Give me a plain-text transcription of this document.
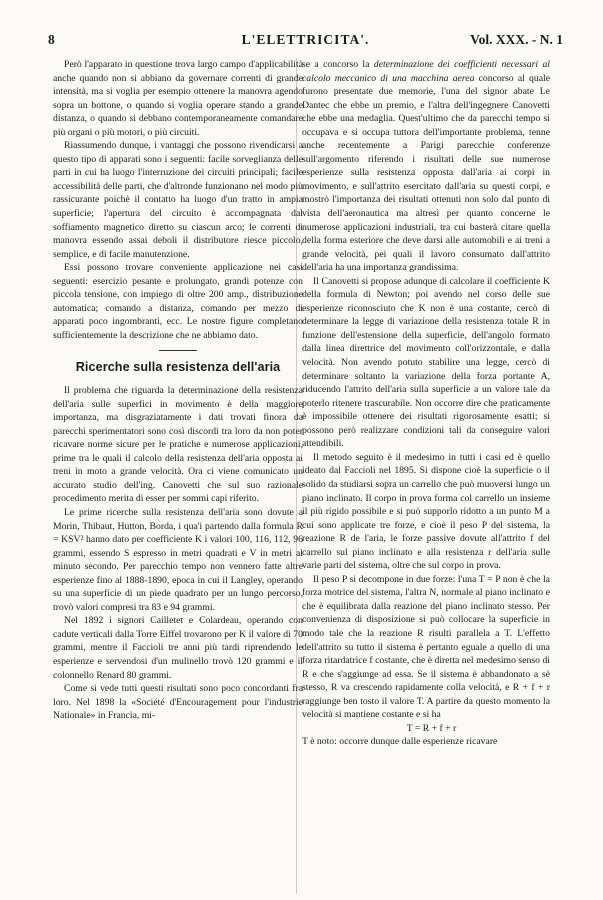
8	L'ELETTRICITA'.	Vol. XXX. - N. 1

Però l'apparato in questione trova largo campo d'applicabilità anche quando non si abbiano da governare correnti di grande intensità, ma si voglia per esempio ottenere la manovra agendo sopra un bottone, o quando si voglia operare stando a grande distanza, o quando si debbano contemporaneamente comandare più organi o più motori, o più circuiti.

Riassumendo dunque, i vantaggi che possono rivendicarsi a questo tipo di apparati sono i seguenti: facile sorveglianza delle parti in cui ha luogo l'interruzione dei circuiti principali; facile accessibilità delle parti, che d'altronde funzionano nel modo più rassicurante poichè il contatto ha luogo d'un tratto in ampia superficie; l'apertura del circuito è accompagnata dal soffiamento magnetico diretto su ciascun arco; le correnti di manovra essendo assai deboli il distributore riesce piccolo, semplice, e di facile manutenzione.

Essi possono trovare conveniente applicazione nei casi seguenti: esercizio pesante e prolungato, grandi potenze con piccola tensione, con impiego di oltre 200 amp., distribuzione automatica; comando a distanza, comando per mezzo di apparati poco ingombranti, ecc. Le nostre figure completano sufficientemente la descrizione che ne abbiamo dato.

Ricerche sulla resistenza dell'aria

Il problema che riguarda la determinazione della resistenza dell'aria sulle superfici in movimento è della maggiore importanza, ma disgraziatamente i dati trovati finora da parecchi sperimentatori sono così discordi tra loro da non poter ricavare norme sicure per le pratiche e numerose applicazioni, prime tra le quali il calcolo della resistenza dell'aria opposta ai treni in moto a grande velocità. Ora ci viene comunicato un accurato studio dell'ing. Canovetti che sul suo razionale procedimento merita di esser per sommi capi riferito.

Le prime ricerche sulla resistenza dell'aria sono dovute a Morin, Thibaut, Hutton, Borda, i qua'i partendo dalla formula R = KSV² hanno dato per coefficiente K i valori 100, 116, 112, 96 grammi, essendo S espresso in metri quadrati e V in metri al minuto secondo. Per parecchio tempo non vennero fatte altre esperienze fino al 1888-1890, epoca in cui il Langley, operando su una superficie di un piede quadrato per un lungo percorso, trovò valori compresi tra 83 e 94 grammi.

Nel 1892 i signori Cailletet e Colardeau, operando con cadute verticali dalla Torre Eiffel trovarono per K il valore di 70 grammi, mentre il Faccioli tre anni più tardi riprendendo le esperienze e servendosi d'un mulinello trovò 120 grammi e il colonnello Renard 80 grammi.

Come si vede tutti questi risultati sono poco concordanti fra loro. Nel 1898 la «Société d'Encouragement pour l'industrie Nationale» in Francia, mi-

se a concorso la determinazione dei coefficienti necessari al calcolo meccanico di una macchina aerea concorso al quale furono presentate due memorie, l'una del signor abate Le Dantec che ebbe un premio, e l'altra dell'ingegnere Canovetti che ebbe una medaglia. Quest'ultimo che da parecchi tempo si occupava e si occupa tuttora dell'importante problema, tenne anche recentemente a Parigi parecchie conferenze sull'argomento riferendo i risultati delle sue numerose esperienze sulla resistenza opposta dall'aria ai corpi in movimento, e sull'attrito esercitato dall'aria su questi corpi, e mostrò l'importanza dei risultati ottenuti non solo dal punto di vista dell'aeronautica ma altresì per quanto concerne le numerose applicazioni industriali, tra cui basterà citare quella della forma esteriore che deve darsi alle automobili e ai treni a grande velocità, pei quali il lavoro consumato dall'attrito dell'aria ha una importanza grandissima.

Il Canovetti si propose adunque di calcolare il coefficiente K della formula di Newton; poi avendo nel corso delle sue esperienze riconosciuto che K non è una costante, cercò di determinare la legge di variazione della resistenza totale R in funzione dell'estensione della superficie, dell'angolo formato dalla linea direttrice del movimento coll'orizzontale, e dalla velocità. Non avendo potuto stabilire una legge, cercò di determinare soltanto la variazione della forza portante A, riducendo l'attrito dell'aria sulla superficie a un valore tale da poterlo ritenere trascurabile. Non occorre dire che praticamente è impossibile ottenere dei risultati rigorosamente esatti; si possono però realizzare condizioni tali da conseguire valori attendibili.

Il metodo seguito è il medesimo in tutti i casi ed è quello ideato dal Faccioli nel 1895. Si dispone cioè la superficie o il solido da studiarsi sopra un carrello che può muoversi lungo un piano inclinato. Il corpo in prova forma col carrello un insieme il più rigido possibile e si può supporlo ridotto a un punto M a cui sono applicate tre forze, e cioè il peso P del sistema, la reazione R de l'aria, le forze passive dovute all'attrito f del carrello sul piano inclinato e alla resistenza r dell'aria sulle varie parti del sistema, oltre che sul corpo in prova.

Il peso P si decompone in due forze: l'una T = P non è che la forza motrice del sistema, l'altra N, normale al piano inclinato e che è equilibrata dalla reazione del piano inclinato stesso. Per convenienza di disposizione si può collocare la superficie in modo tale che la reazione R risulti parallela a T. L'effetto dell'attrito su tutto il sistema è pertanto eguale a quello di una forza ritardatrice f costante, che è diretta nel medesimo senso di R e che s'aggiunge ad essa. Se il sistema è abbandonato a sè stesso, R va crescendo rapidamente colla velocità, e R + f + r raggiunge ben tosto il valore T. A partire da questo momento la velocità si mantiene costante e si ha

T = R + f + r

T è noto: occorre dunque dalle esperienze ricavare
